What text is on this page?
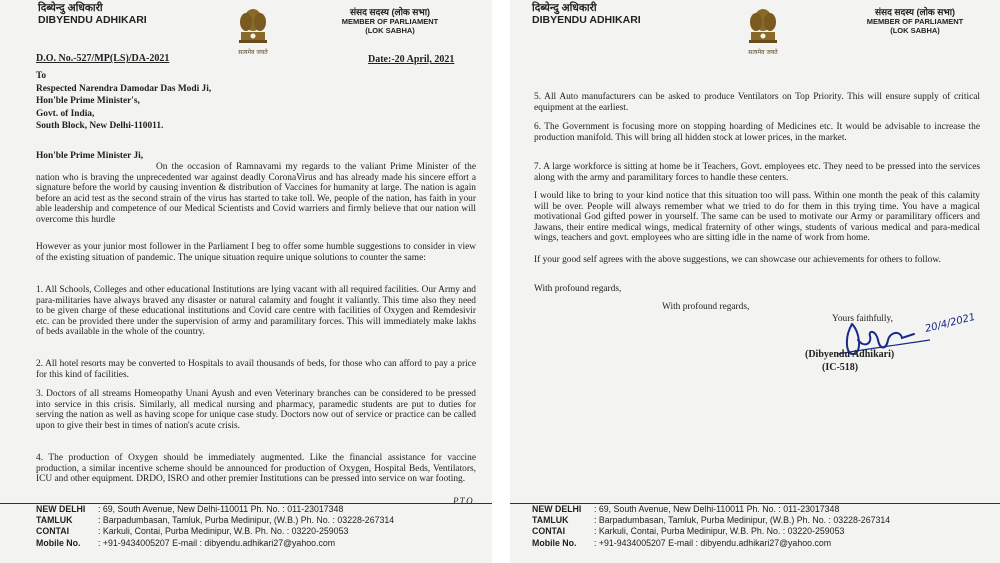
दिब्येन्दु अधिकारी
DIBYENDU ADHIKARI
सत्यमेव जयते
संसद सदस्य (लोक सभा)
MEMBER OF PARLIAMENT
(LOK SABHA)
D.O. No.-527/MP(LS)/DA-2021	Date:-20 April, 2021
To
Respected Narendra Damodar Das Modi Ji,
Hon'ble Prime Minister's,
Govt. of India,
South Block, New Delhi-110011.
Hon'ble Prime Minister Ji,
On the occasion of Ramnavami my regards to the valiant Prime Minister of the nation who is braving the unprecedented war against deadly CoronaVirus and has already made his sincere effort a signature before the world by causing invention & distribution of Vaccines for humanity at large. The nation is again before an acid test as the second strain of the virus has started to take toll. We, people of the nation, has faith in your able leadership and competence of our Medical Scientists and Covid warriers and firmly believe that our nation will overcome this hurdle
However as your junior most follower in the Parliament I beg to offer some humble suggestions to consider in view of the existing situation of pandemic. The unique situation require unique solutions to counter the same:
1. All Schools, Colleges and other educational Institutions are lying vacant with all required facilities. Our Army and para-militaries have always braved any disaster or natural calamity and fought it valiantly. This time also they need to be given charge of these educational institutions and Covid care centre with facilities of Oxygen and Remdesivir etc. can be provided there under the supervision of army and paramilitary forces. This will immediately make lakhs of beds available in the whole of the country.
2. All hotel resorts may be converted to Hospitals to avail thousands of beds, for those who can afford to pay a price for this kind of facilities.
3. Doctors of all streams Homeopathy Unani Ayush and even Veterinary branches can be considered to be pressed into service in this crisis. Similarly, all medical nursing and pharmacy, paramedic students are put to duties for serving the nation as well as having scope for unique case study. Doctors now out of service or practice can be called upon to give their best in times of nation's acute crisis.
4. The production of Oxygen should be immediately augmented. Like the financial assistance for vaccine production, a similar incentive scheme should be announced for production of Oxygen, Hospital Beds, Ventilators, ICU and other equipment. DRDO, ISRO and other premier Institutions can be pressed into service on war footing.
P.T.O
NEW DELHI	: 69, South Avenue, New Delhi-110011 Ph. No. : 011-23017348
TAMLUK	: Barpadumbasan, Tamluk, Purba Medinipur, (W.B.) Ph. No. : 03228-267314
CONTAI	: Karkuli, Contai, Purba Medinipur, W.B. Ph. No. : 03220-259053
Mobile No.	: +91-9434005207 E-mail : dibyendu.adhikari27@yahoo.com
दिब्येन्दु अधिकारी
DIBYENDU ADHIKARI
सत्यमेव जयते
संसद सदस्य (लोक सभा)
MEMBER OF PARLIAMENT
(LOK SABHA)
5. All Auto manufacturers can be asked to produce Ventilators on Top Priority. This will ensure supply of critical equipment at the earliest.
6. The Government is focusing more on stopping hoarding of Medicines etc. It would be advisable to increase the production manifold. This will bring all hidden stock at lower prices, in the market.
7. A large workforce is sitting at home be it Teachers, Govt. employees etc. They need to be pressed into the services along with the army and paramilitary forces to handle these centers.
I would like to bring to your kind notice that this situation too will pass. Within one month the peak of this calamity will be over. People will always remember what we tried to do for them in this trying time. You have a magical motivational God gifted power in yourself. The same can be used to motivate our Army or paramilitary officers and Jawans, their entire medical wings, medical fraternity of other wings, students of various medical and para-medical wings, teachers and govt. employees who are sitting idle in the name of work from home.
If your good self agrees with the above suggestions, we can showcase our achievements for others to follow.
With profound regards,
With profound regards,
Yours faithfully,	20/4/2021
(Dibyendu Adhikari)
(IC-518)
NEW DELHI	: 69, South Avenue, New Delhi-110011 Ph. No. : 011-23017348
TAMLUK	: Barpadumbasan, Tamluk, Purba Medinipur, (W.B.) Ph. No. : 03228-267314
CONTAI	: Karkuli, Contai, Purba Medinipur, W.B. Ph. No. : 03220-259053
Mobile No.	: +91-9434005207 E-mail : dibyendu.adhikari27@yahoo.com
